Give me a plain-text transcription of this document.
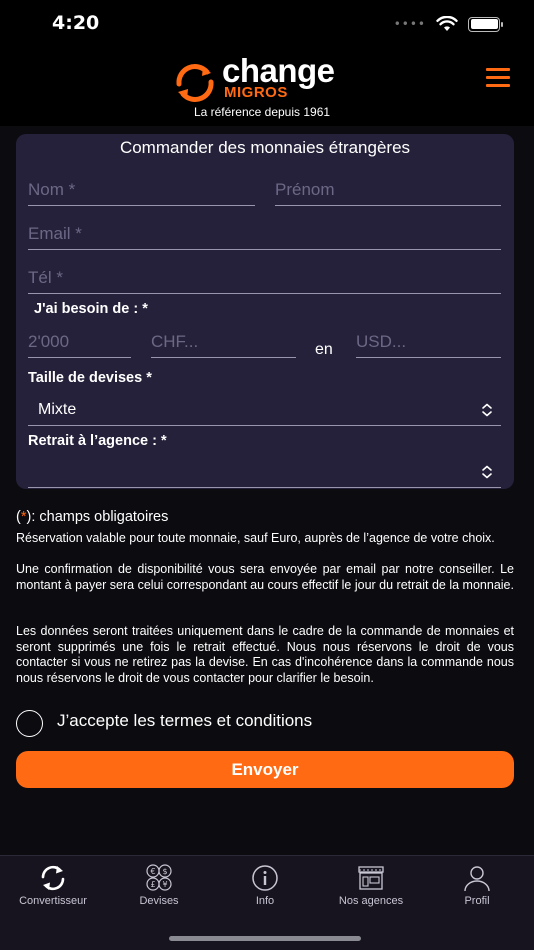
4:20	••••
change
MIGROS
La référence depuis 1961
Commander des monnaies étrangères
Nom *	Prénom
Email *
Tél *
J'ai besoin de : *
2'000	CHF...	en USD...
Taille de devises *
Mixte
Retrait à l’agence : *
(*): champs obligatoires
Réservation valable pour toute monnaie, sauf Euro, auprès de l’agence de votre choix.
Une confirmation de disponibilité vous sera envoyée par email par notre conseiller. Le montant à payer sera celui correspondant au cours effectif le jour du retrait de la monnaie.
Les données seront traitées uniquement dans le cadre de la commande de monnaies et seront supprimés une fois le retrait effectué. Nous nous réservons le droit de vous contacter si vous ne retirez pas la devise. En cas d'incohérence dans la commande nous nous réservons le droit de vous contacter pour clarifier le besoin.
J’accepte les termes et conditions
Envoyer
Convertisseur
€ $
£ ¥
Devises	Info	Nos agences	Profil
